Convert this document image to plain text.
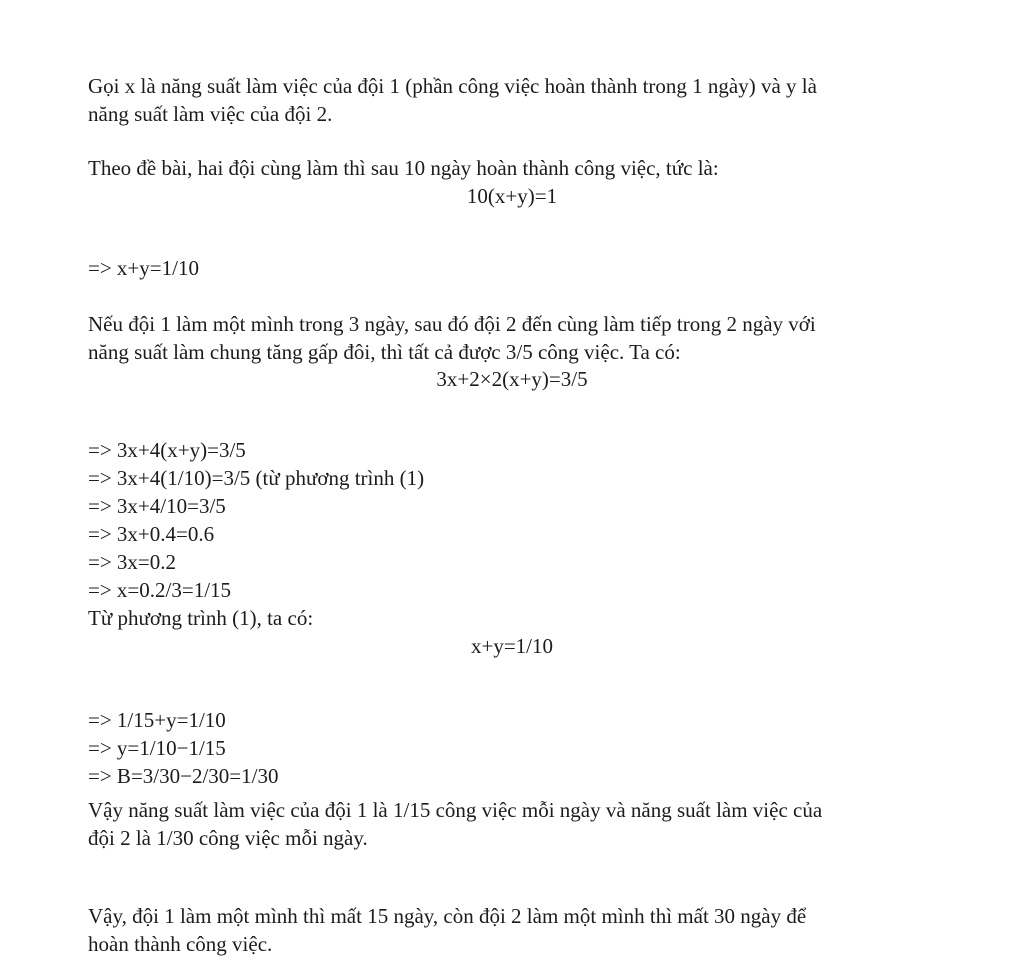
Gọi x là năng suất làm việc của đội 1 (phần công việc hoàn thành trong 1 ngày) và y là
năng suất làm việc của đội 2.
Theo đề bài, hai đội cùng làm thì sau 10 ngày hoàn thành công việc, tức là:
10(x+y)=1
=> x+y=1/10
Nếu đội 1 làm một mình trong 3 ngày, sau đó đội 2 đến cùng làm tiếp trong 2 ngày với
năng suất làm chung tăng gấp đôi, thì tất cả được 3/5 công việc. Ta có:
3x+2×2(x+y)=3/5
=> 3x+4(x+y)=3/5
=> 3x+4(1/10)=3/5 (từ phương trình (1)
=> 3x+4/10=3/5
=> 3x+0.4=0.6
=> 3x=0.2
=> x=0.2/3=1/15
Từ phương trình (1), ta có:
x+y=1/10
=> 1/15+y=1/10
=> y=1/10−1/15
=> B=3/30−2/30=1/30
Vậy năng suất làm việc của đội 1 là 1/15 công việc mỗi ngày và năng suất làm việc của
đội 2 là 1/30 công việc mỗi ngày.
Vậy, đội 1 làm một mình thì mất 15 ngày, còn đội 2 làm một mình thì mất 30 ngày để
hoàn thành công việc.
